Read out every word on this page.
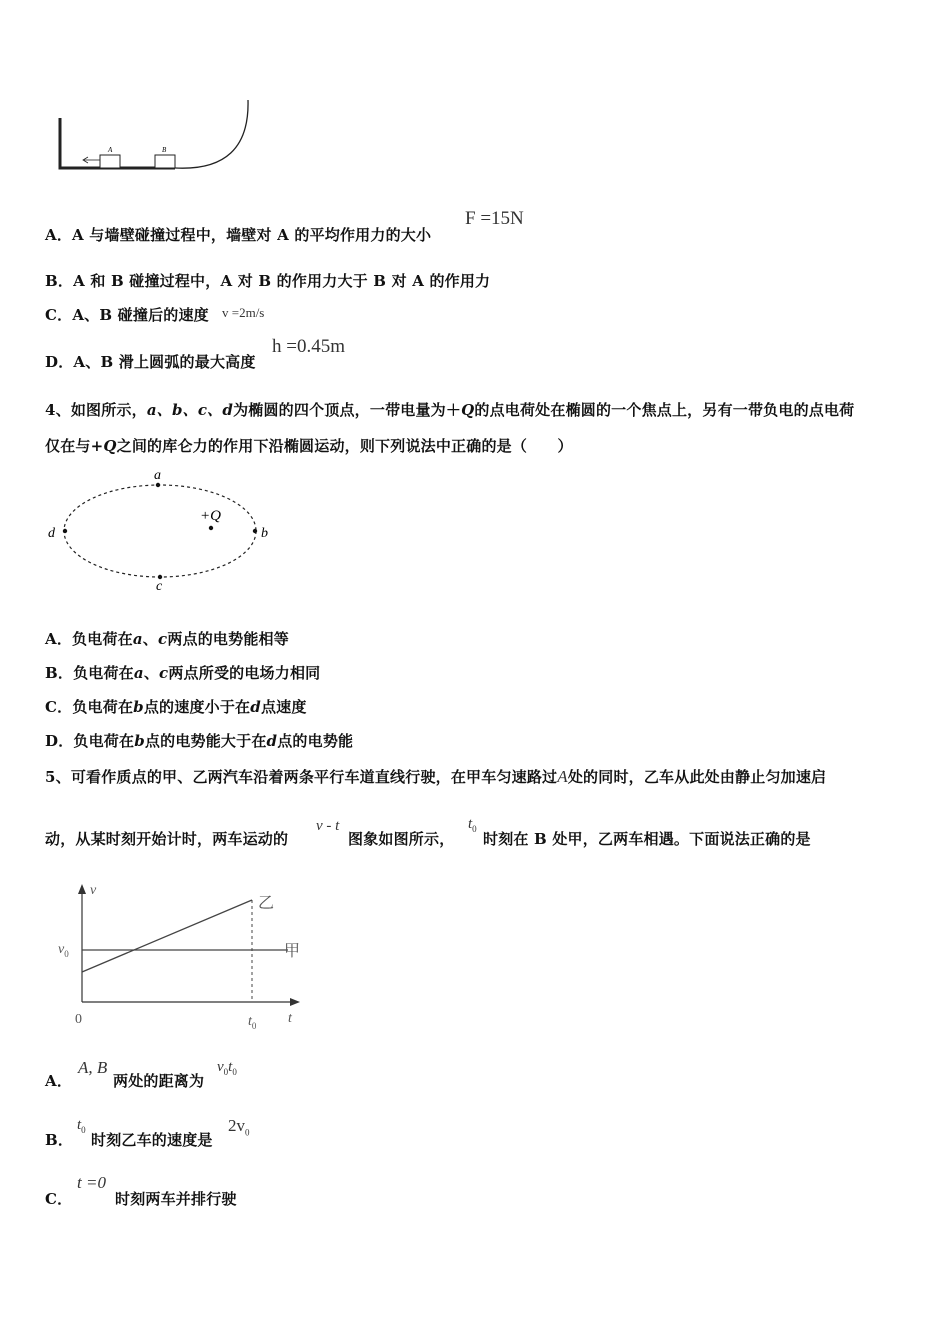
A	B
A．A 与墙壁碰撞过程中，墙壁对 A 的平均作用力的大小
F =15N
B．A 和 B 碰撞过程中，A 对 B 的作用力大于 B 对 A 的作用力
C．A、B 碰撞后的速度 v =2m/s
D．A、B 滑上圆弧的最大高度
h =0.45m
4、如图所示，a、b、c、d为椭圆的四个顶点，一带电量为＋Q的点电荷处在椭圆的一个焦点上，另有一带负电的点电荷
仅在与+Q之间的库仑力的作用下沿椭圆运动，则下列说法中正确的是（　　）
a
b
c
d
+Q
A．负电荷在a、c两点的电势能相等
B．负电荷在a、c两点所受的电场力相同
C．负电荷在b点的速度小于在d点速度
D．负电荷在b点的电势能大于在d点的电势能
5、可看作质点的甲、乙两汽车沿着两条平行车道直线行驶，在甲车匀速路过A处的同时，乙车从此处由静止匀加速启
动，从某时刻开始计时，两车运动的
v - t
图象如图所示，
$t_0$
时刻在 B 处甲，乙两车相遇。下面说法正确的是
v
t
0
$v_0$
$t_0$
甲
乙
A．
A, B
两处的距离为
$v_0t_0$
B．
$t_0$
时刻乙车的速度是
$2v_0$
C．
t =0
时刻两车并排行驶
